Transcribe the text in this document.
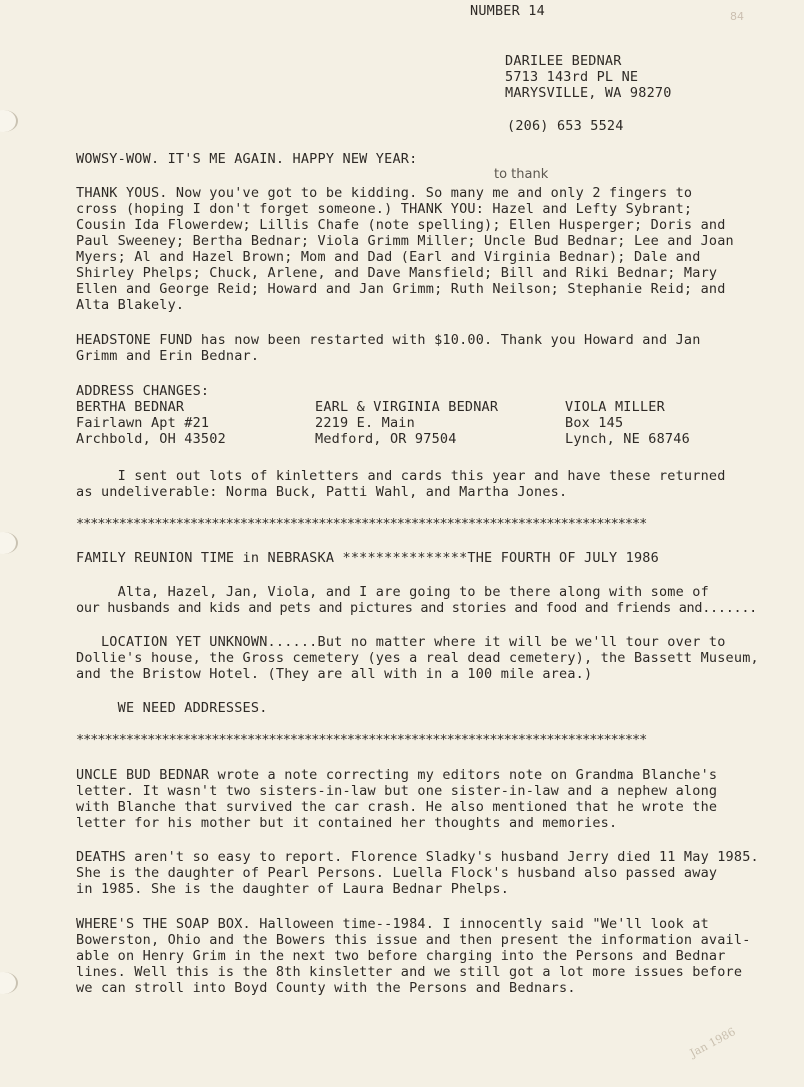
84
NUMBER 14
DARILEE BEDNAR
5713 143rd PL NE
MARYSVILLE, WA 98270
(206) 653 5524
WOWSY-WOW. IT'S ME AGAIN. HAPPY NEW YEAR:
to thank
THANK YOUS. Now you've got to be kidding. So many me and only 2 fingers to
cross (hoping I don't forget someone.) THANK YOU: Hazel and Lefty Sybrant;
Cousin Ida Flowerdew; Lillis Chafe (note spelling); Ellen Husperger; Doris and
Paul Sweeney; Bertha Bednar; Viola Grimm Miller; Uncle Bud Bednar; Lee and Joan
Myers; Al and Hazel Brown; Mom and Dad (Earl and Virginia Bednar); Dale and
Shirley Phelps; Chuck, Arlene, and Dave Mansfield; Bill and Riki Bednar; Mary
Ellen and George Reid; Howard and Jan Grimm; Ruth Neilson; Stephanie Reid; and
Alta Blakely.
HEADSTONE FUND has now been restarted with $10.00. Thank you Howard and Jan
Grimm and Erin Bednar.
ADDRESS CHANGES:
BERTHA BEDNAR
Fairlawn Apt #21
Archbold, OH 43502
EARL & VIRGINIA BEDNAR
2219 E. Main
Medford, OR 97504
VIOLA MILLER
Box 145
Lynch, NE 68746
I sent out lots of kinletters and cards this year and have these returned
as undeliverable: Norma Buck, Patti Wahl, and Martha Jones.
********************************************************************************
FAMILY REUNION TIME in NEBRASKA ***************THE FOURTH OF JULY 1986
Alta, Hazel, Jan, Viola, and I are going to be there along with some of
our husbands and kids and pets and pictures and stories and food and friends and.......
LOCATION YET UNKNOWN......But no matter where it will be we'll tour over to
Dollie's house, the Gross cemetery (yes a real dead cemetery), the Bassett Museum,
and the Bristow Hotel. (They are all with in a 100 mile area.)
WE NEED ADDRESSES.
********************************************************************************
UNCLE BUD BEDNAR wrote a note correcting my editors note on Grandma Blanche's
letter. It wasn't two sisters-in-law but one sister-in-law and a nephew along
with Blanche that survived the car crash. He also mentioned that he wrote the
letter for his mother but it contained her thoughts and memories.
DEATHS aren't so easy to report. Florence Sladky's husband Jerry died 11 May 1985.
She is the daughter of Pearl Persons. Luella Flock's husband also passed away
in 1985. She is the daughter of Laura Bednar Phelps.
WHERE'S THE SOAP BOX. Halloween time--1984. I innocently said "We'll look at
Bowerston, Ohio and the Bowers this issue and then present the information avail-
able on Henry Grim in the next two before charging into the Persons and Bednar
lines. Well this is the 8th kinsletter and we still got a lot more issues before
we can stroll into Boyd County with the Persons and Bednars.
Jan 1986
